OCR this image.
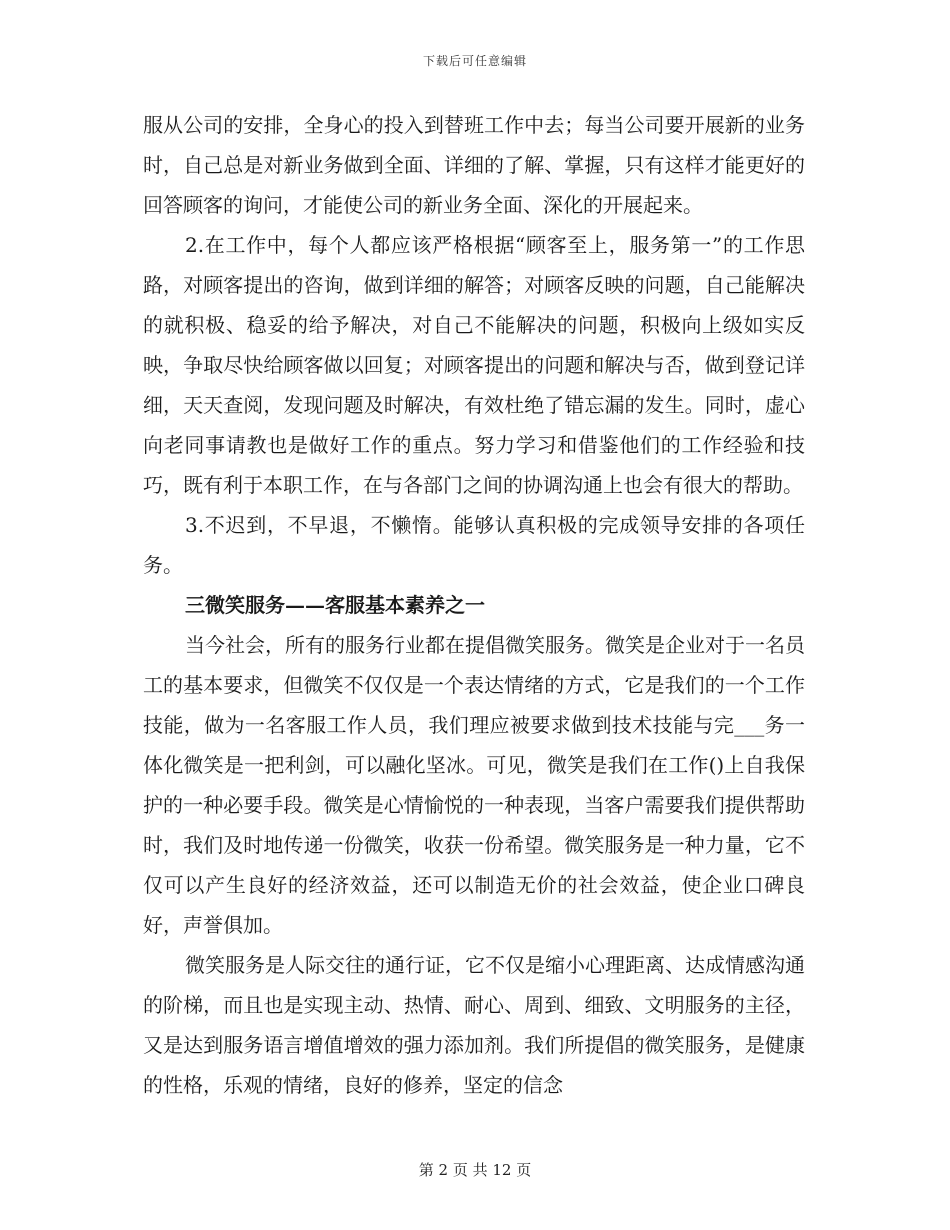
下载后可任意编辑

服从公司的安排，全身心的投入到替班工作中去；每当公司要开展新的业务时，自己总是对新业务做到全面、详细的了解、掌握，只有这样才能更好的回答顾客的询问，才能使公司的新业务全面、深化的开展起来。

2.在工作中，每个人都应该严格根据“顾客至上，服务第一”的工作思路，对顾客提出的咨询，做到详细的解答；对顾客反映的问题，自己能解决的就积极、稳妥的给予解决，对自己不能解决的问题，积极向上级如实反映，争取尽快给顾客做以回复；对顾客提出的问题和解决与否，做到登记详细，天天查阅，发现问题及时解决，有效杜绝了错忘漏的发生。同时，虚心向老同事请教也是做好工作的重点。努力学习和借鉴他们的工作经验和技巧，既有利于本职工作，在与各部门之间的协调沟通上也会有很大的帮助。

3.不迟到，不早退，不懒惰。能够认真积极的完成领导安排的各项任务。

三微笑服务——客服基本素养之一

当今社会，所有的服务行业都在提倡微笑服务。微笑是企业对于一名员工的基本要求，但微笑不仅仅是一个表达情绪的方式，它是我们的一个工作技能，做为一名客服工作人员，我们理应被要求做到技术技能与完___务一体化微笑是一把利剑，可以融化坚冰。可见，微笑是我们在工作()上自我保护的一种必要手段。微笑是心情愉悦的一种表现，当客户需要我们提供帮助时，我们及时地传递一份微笑，收获一份希望。微笑服务是一种力量，它不仅可以产生良好的经济效益，还可以制造无价的社会效益，使企业口碑良好，声誉俱加。

微笑服务是人际交往的通行证，它不仅是缩小心理距离、达成情感沟通的阶梯，而且也是实现主动、热情、耐心、周到、细致、文明服务的主径，又是达到服务语言增值增效的强力添加剂。我们所提倡的微笑服务，是健康的性格，乐观的情绪，良好的修养，坚定的信念

第 2 页 共 12 页
